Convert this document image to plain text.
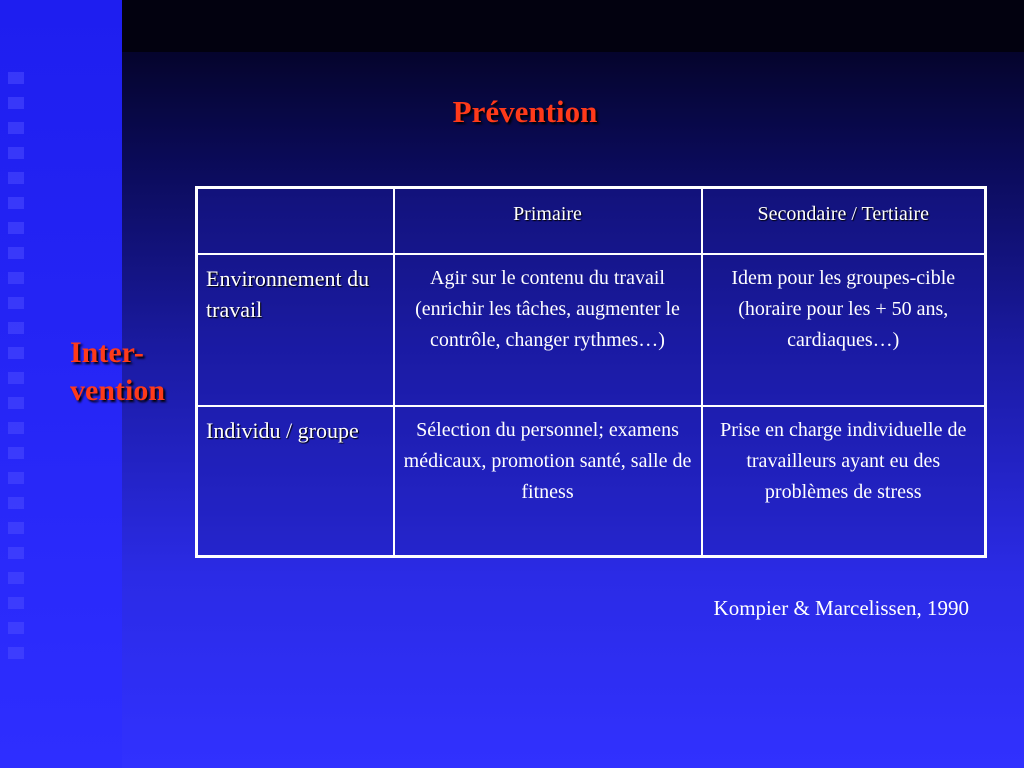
Prévention
Inter-
vention
	Primaire	Secondaire / Tertiaire
Environnement du travail	Agir sur le contenu du travail (enrichir les tâches, augmenter le contrôle, changer rythmes…)	Idem pour les groupes-cible (horaire pour les + 50 ans, cardiaques…)
Individu / groupe	Sélection du personnel; examens médicaux, promotion santé, salle de fitness	Prise en charge individuelle de travailleurs ayant eu des problèmes de stress
Kompier & Marcelissen, 1990
